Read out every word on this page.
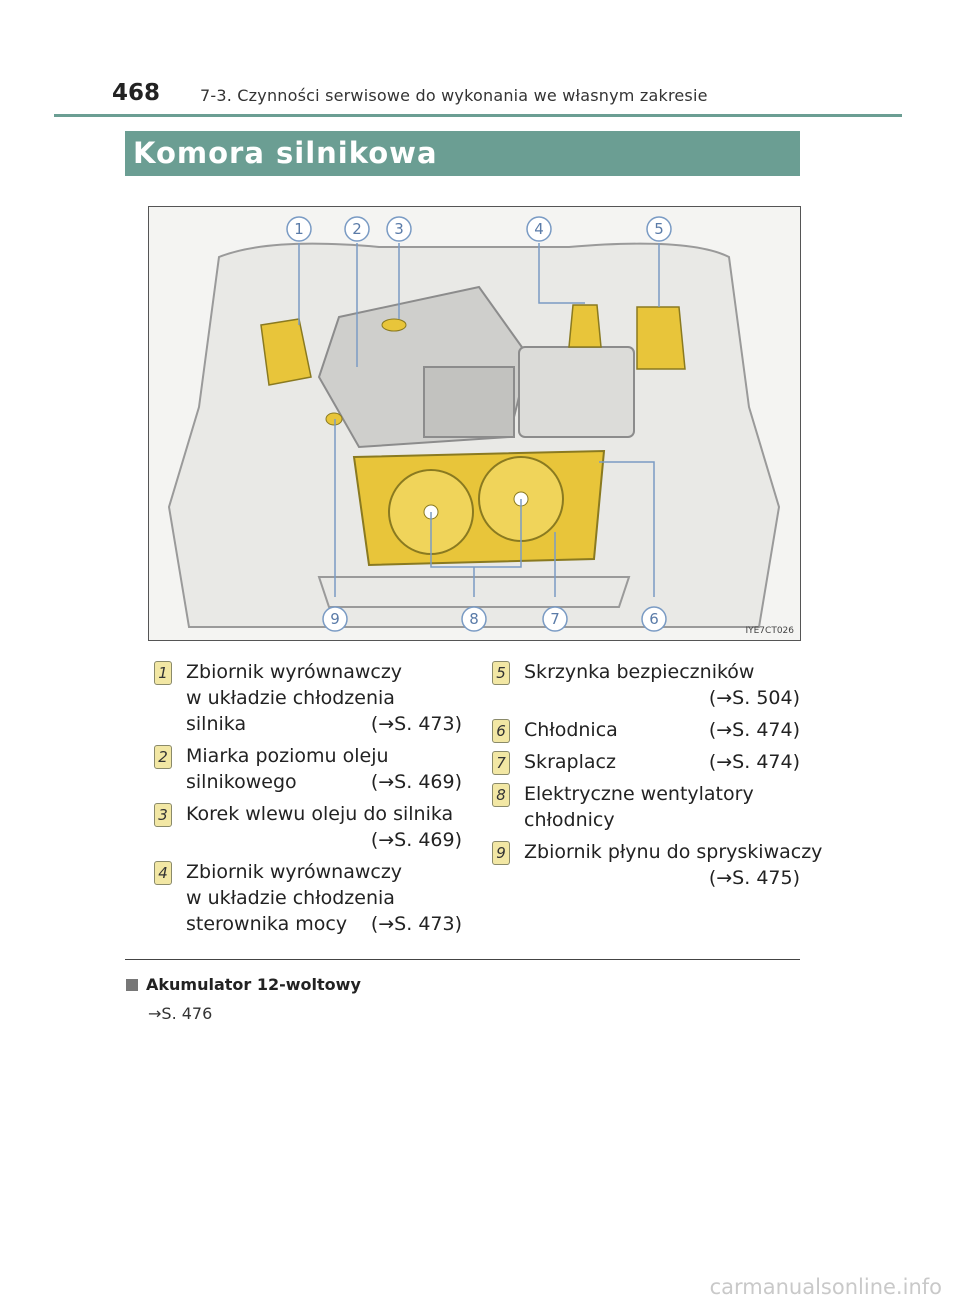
468 7-3. Czynności serwisowe do wykonania we własnym zakresie
Komora silnikowa
1	2 3	4	5
6
7
8
9
IYE7CT026
1 Zbiornik wyrównawczy
w układzie chłodzenia
silnika	(→S. 473)
2 Miarka poziomu oleju
silnikowego	(→S. 469)
3 Korek wlewu oleju do silnika
(→S. 469)
4 Zbiornik wyrównawczy
w układzie chłodzenia
sterownika mocy (→S. 473)
5 Skrzynka bezpieczników
(→S. 504)
6 Chłodnica	(→S. 474)
7 Skraplacz	(→S. 474)
8 Elektryczne wentylatory
chłodnicy
9 Zbiornik płynu do spryskiwaczy
(→S. 475)
Akumulator 12-woltowy
→S. 476
carmanualsonline.info
